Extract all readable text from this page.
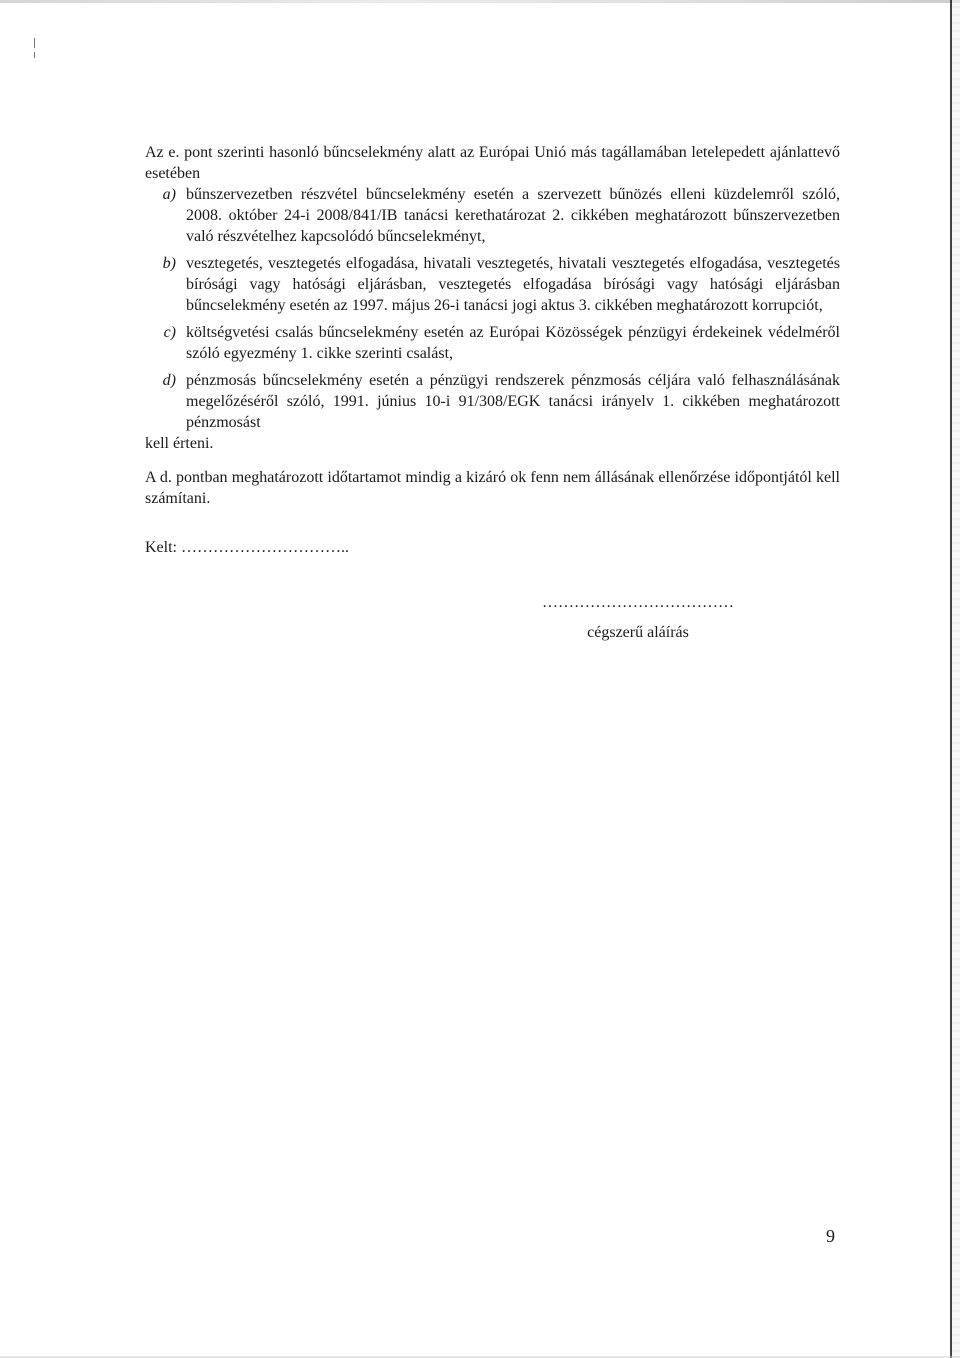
Az e. pont szerinti hasonló bűncselekmény alatt az Európai Unió más tagállamában letelepedett ajánlattevő esetében

a) bűnszervezetben részvétel bűncselekmény esetén a szervezett bűnözés elleni küzdelemről szóló, 2008. október 24-i 2008/841/IB tanácsi kerethatározat 2. cikkében meghatározott bűnszervezetben való részvételhez kapcsolódó bűncselekményt,
b) vesztegetés, vesztegetés elfogadása, hivatali vesztegetés, hivatali vesztegetés elfogadása, vesztegetés bírósági vagy hatósági eljárásban, vesztegetés elfogadása bírósági vagy hatósági eljárásban bűncselekmény esetén az 1997. május 26-i tanácsi jogi aktus 3. cikkében meghatározott korrupciót,
c) költségvetési csalás bűncselekmény esetén az Európai Közösségek pénzügyi érdekeinek védelméről szóló egyezmény 1. cikke szerinti csalást,
d) pénzmosás bűncselekmény esetén a pénzügyi rendszerek pénzmosás céljára való felhasználásának megelőzéséről szóló, 1991. június 10-i 91/308/EGK tanácsi irányelv 1. cikkében meghatározott pénzmosást

kell érteni.

A d. pontban meghatározott időtartamot mindig a kizáró ok fenn nem állásának ellenőrzése időpontjától kell számítani.

Kelt: …………………………..

………………………………
cégszerű aláírás
9
